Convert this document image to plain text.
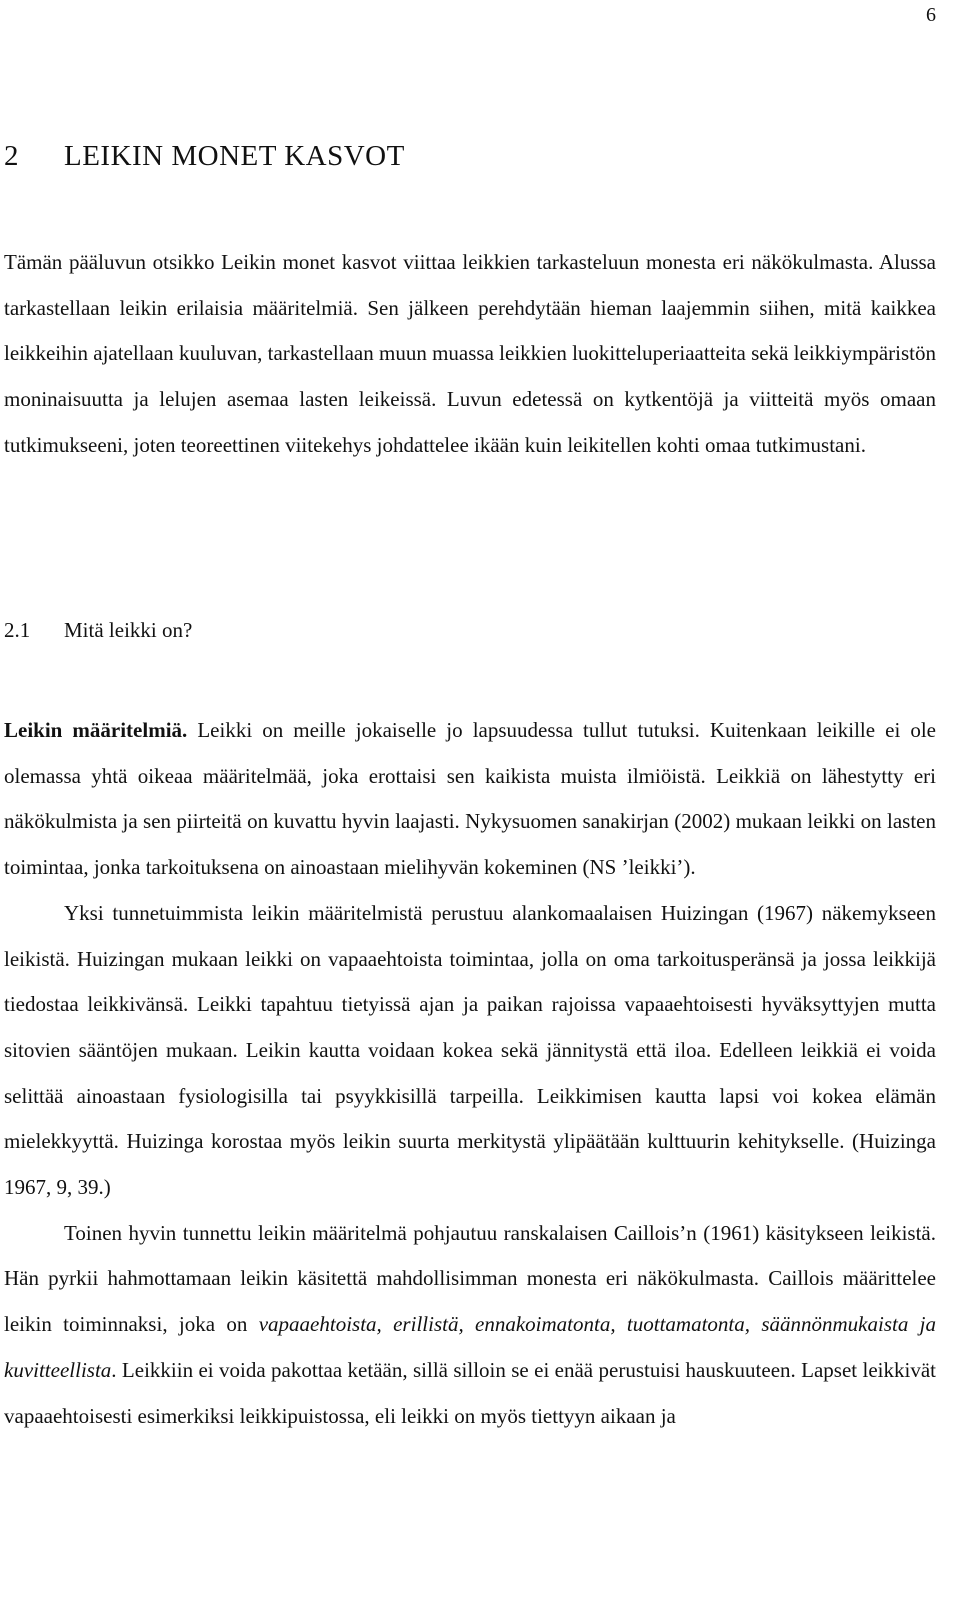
6
2 LEIKIN MONET KASVOT

Tämän pääluvun otsikko Leikin monet kasvot viittaa leikkien tarkasteluun monesta eri näkökulmasta. Alussa tarkastellaan leikin erilaisia määritelmiä. Sen jälkeen perehdytään hieman laajemmin siihen, mitä kaikkea leikkeihin ajatellaan kuuluvan, tarkastellaan muun muassa leikkien luokitteluperiaatteita sekä leikkiympäristön moninaisuutta ja lelujen asemaa lasten leikeissä. Luvun edetessä on kytkentöjä ja viitteitä myös omaan tutkimukseeni, joten teoreettinen viitekehys johdattelee ikään kuin leikitellen kohti omaa tutkimustani.

2.1 Mitä leikki on?

Leikin määritelmiä. Leikki on meille jokaiselle jo lapsuudessa tullut tutuksi. Kuitenkaan leikille ei ole olemassa yhtä oikeaa määritelmää, joka erottaisi sen kaikista muista ilmiöistä. Leikkiä on lähestytty eri näkökulmista ja sen piirteitä on kuvattu hyvin laajasti. Nykysuomen sanakirjan (2002) mukaan leikki on lasten toimintaa, jonka tarkoituksena on ainoastaan mielihyvän kokeminen (NS ’leikki’).

Yksi tunnetuimmista leikin määritelmistä perustuu alankomaalaisen Huizingan (1967) näkemykseen leikistä. Huizingan mukaan leikki on vapaaehtoista toimintaa, jolla on oma tarkoitusperänsä ja jossa leikkijä tiedostaa leikkivänsä. Leikki tapahtuu tietyissä ajan ja paikan rajoissa vapaaehtoisesti hyväksyttyjen mutta sitovien sääntöjen mukaan. Leikin kautta voidaan kokea sekä jännitystä että iloa. Edelleen leikkiä ei voida selittää ainoastaan fysiologisilla tai psyykkisillä tarpeilla. Leikkimisen kautta lapsi voi kokea elämän mielekkyyttä. Huizinga korostaa myös leikin suurta merkitystä ylipäätään kulttuurin kehitykselle. (Huizinga 1967, 9, 39.)

Toinen hyvin tunnettu leikin määritelmä pohjautuu ranskalaisen Caillois’n (1961) käsitykseen leikistä. Hän pyrkii hahmottamaan leikin käsitettä mahdollisimman monesta eri näkökulmasta. Caillois määrittelee leikin toiminnaksi, joka on vapaaehtoista, erillistä, ennakoimatonta, tuottamatonta, säännönmukaista ja kuvitteellista. Leikkiin ei voida pakottaa ketään, sillä silloin se ei enää perustuisi hauskuuteen. Lapset leikkivät vapaaehtoisesti esimerkiksi leikkipuistossa, eli leikki on myös tiettyyn aikaan ja
